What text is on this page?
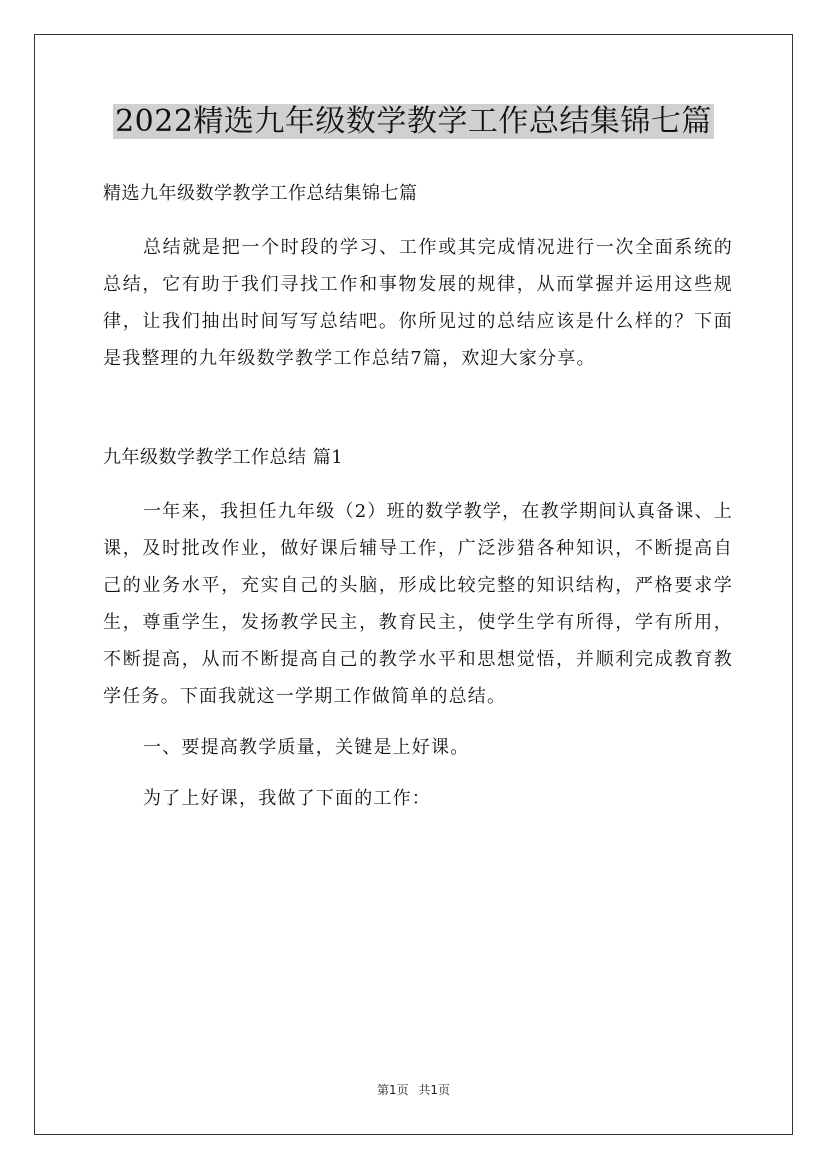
2022精选九年级数学教学工作总结集锦七篇

精选九年级数学教学工作总结集锦七篇

总结就是把一个时段的学习、工作或其完成情况进行一次全面系统的总结，它有助于我们寻找工作和事物发展的规律，从而掌握并运用这些规律，让我们抽出时间写写总结吧。你所见过的总结应该是什么样的？下面是我整理的九年级数学教学工作总结7篇，欢迎大家分享。

九年级数学教学工作总结 篇1

一年来，我担任九年级（2）班的数学教学，在教学期间认真备课、上课，及时批改作业，做好课后辅导工作，广泛涉猎各种知识，不断提高自己的业务水平，充实自己的头脑，形成比较完整的知识结构，严格要求学生，尊重学生，发扬教学民主，教育民主，使学生学有所得，学有所用，不断提高，从而不断提高自己的教学水平和思想觉悟，并顺利完成教育教学任务。下面我就这一学期工作做简单的总结。

一、要提高教学质量，关键是上好课。

为了上好课，我做了下面的工作：

第1页 共1页
